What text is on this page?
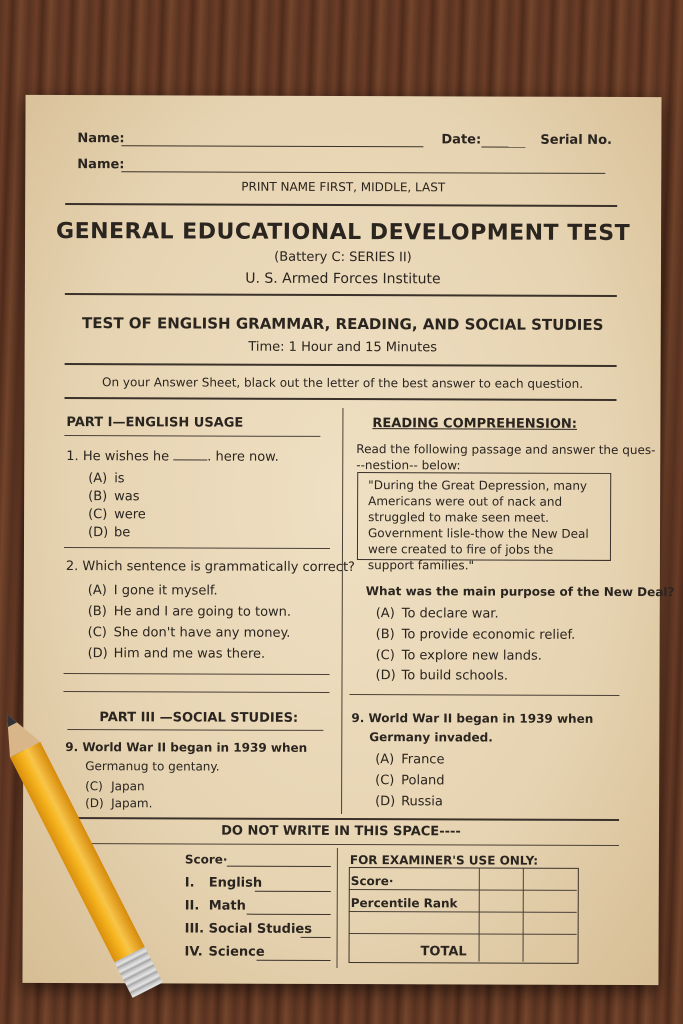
Name:	Date:	Serial No.
Name:
PRINT NAME FIRST, MIDDLE, LAST
GENERAL EDUCATIONAL DEVELOPMENT TEST
(Battery C: SERIES II)
U. S. Armed Forces Institute
TEST OF ENGLISH GRAMMAR, READING, AND SOCIAL STUDIES
Time: 1 Hour and 15 Minutes
On your Answer Sheet, black out the letter of the best answer to each question.
PART I—ENGLISH USAGE
1. He wishes he	. here now.
(A) is
(B) was
(C) were
(D) be
2. Which sentence is grammatically correct?
(A) I gone it myself.
(B) He and I are going to town.
(C) She don't have any money.
(D) Him and me was there.
READING COMPREHENSION:
Read the following passage and answer the ques-
--nestion-- below:
"During the Great Depression, many Americans were out of nack and struggled to make seen meet. Government lisle-thow the New Deal were created to fire of jobs the support families."
What was the main purpose of the New Deal?
(A) To declare war.
(B) To provide economic relief.
(C) To explore new lands.
(D) To build schools.
PART III —SOCIAL STUDIES:
9. World War II began in 1939 when
Germanug to gentany.
(C) Japan
(D) Japam.
9. World War II began in 1939 when
Germany invaded.
(A) France
(C) Poland
(D) Russia
DO NOT WRITE IN THIS SPACE----
Score·
I. English
II. Math
III. Social Studies
IV. Science
FOR EXAMINER'S USE ONLY:
Score·
Percentile Rank
TOTAL
